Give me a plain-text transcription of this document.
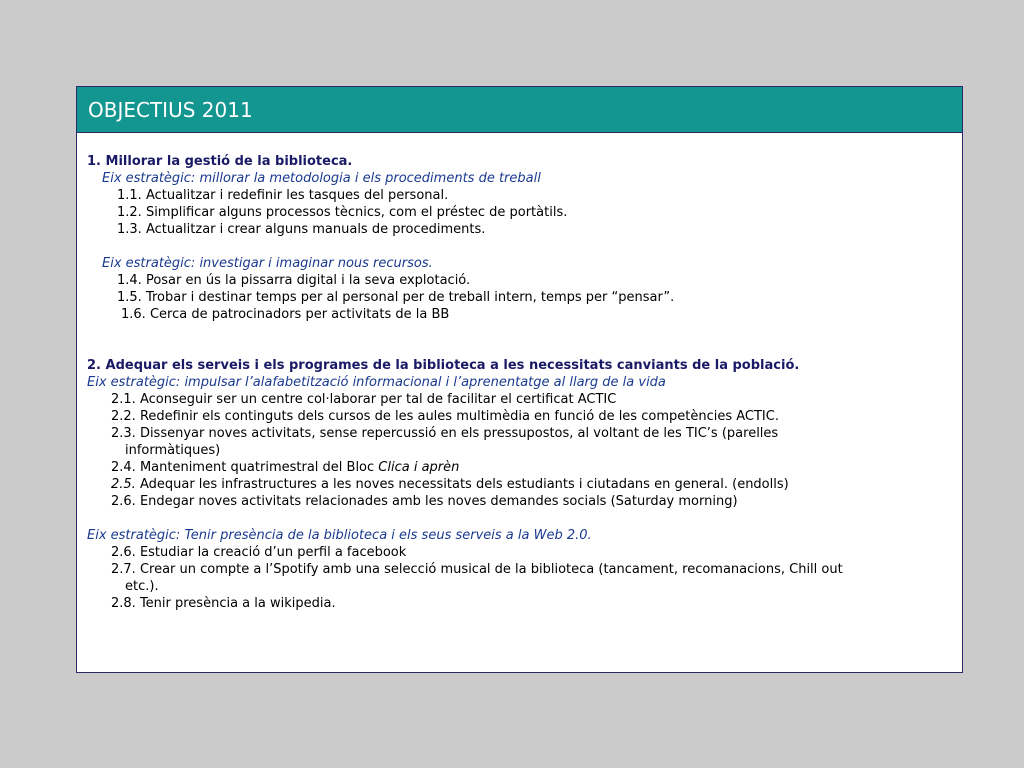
OBJECTIUS 2011
1. Millorar la gestió de la biblioteca.
Eix estratègic: millorar la metodologia i els procediments de treball
1.1. Actualitzar i redefinir les tasques del personal.
1.2. Simplificar alguns processos tècnics, com el préstec de portàtils.
1.3. Actualitzar i crear alguns manuals de procediments.
Eix estratègic: investigar i imaginar nous recursos.
1.4. Posar en ús la pissarra digital i la seva explotació.
1.5. Trobar i destinar temps per al personal per de treball intern, temps per “pensar”.
1.6. Cerca de patrocinadors per activitats de la BB
2. Adequar els serveis i els programes de la biblioteca a les necessitats canviants de la població.
Eix estratègic: impulsar l’alafabetització informacional i l’aprenentatge al llarg de la vida
2.1. Aconseguir ser un centre col·laborar per tal de facilitar el certificat ACTIC
2.2. Redefinir els continguts dels cursos de les aules multimèdia en funció de les competències ACTIC.
2.3. Dissenyar noves activitats, sense repercussió en els pressupostos, al voltant de les TIC’s (parelles
informàtiques)
2.4. Manteniment quatrimestral del Bloc Clica i aprèn
2.5. Adequar les infrastructures a les noves necessitats dels estudiants i ciutadans en general. (endolls)
2.6. Endegar noves activitats relacionades amb les noves demandes socials (Saturday morning)
Eix estratègic: Tenir presència de la biblioteca i els seus serveis a la Web 2.0.
2.6. Estudiar la creació d’un perfil a facebook
2.7. Crear un compte a l’Spotify amb una selecció musical de la biblioteca (tancament, recomanacions, Chill out
etc.).
2.8. Tenir presència a la wikipedia.
